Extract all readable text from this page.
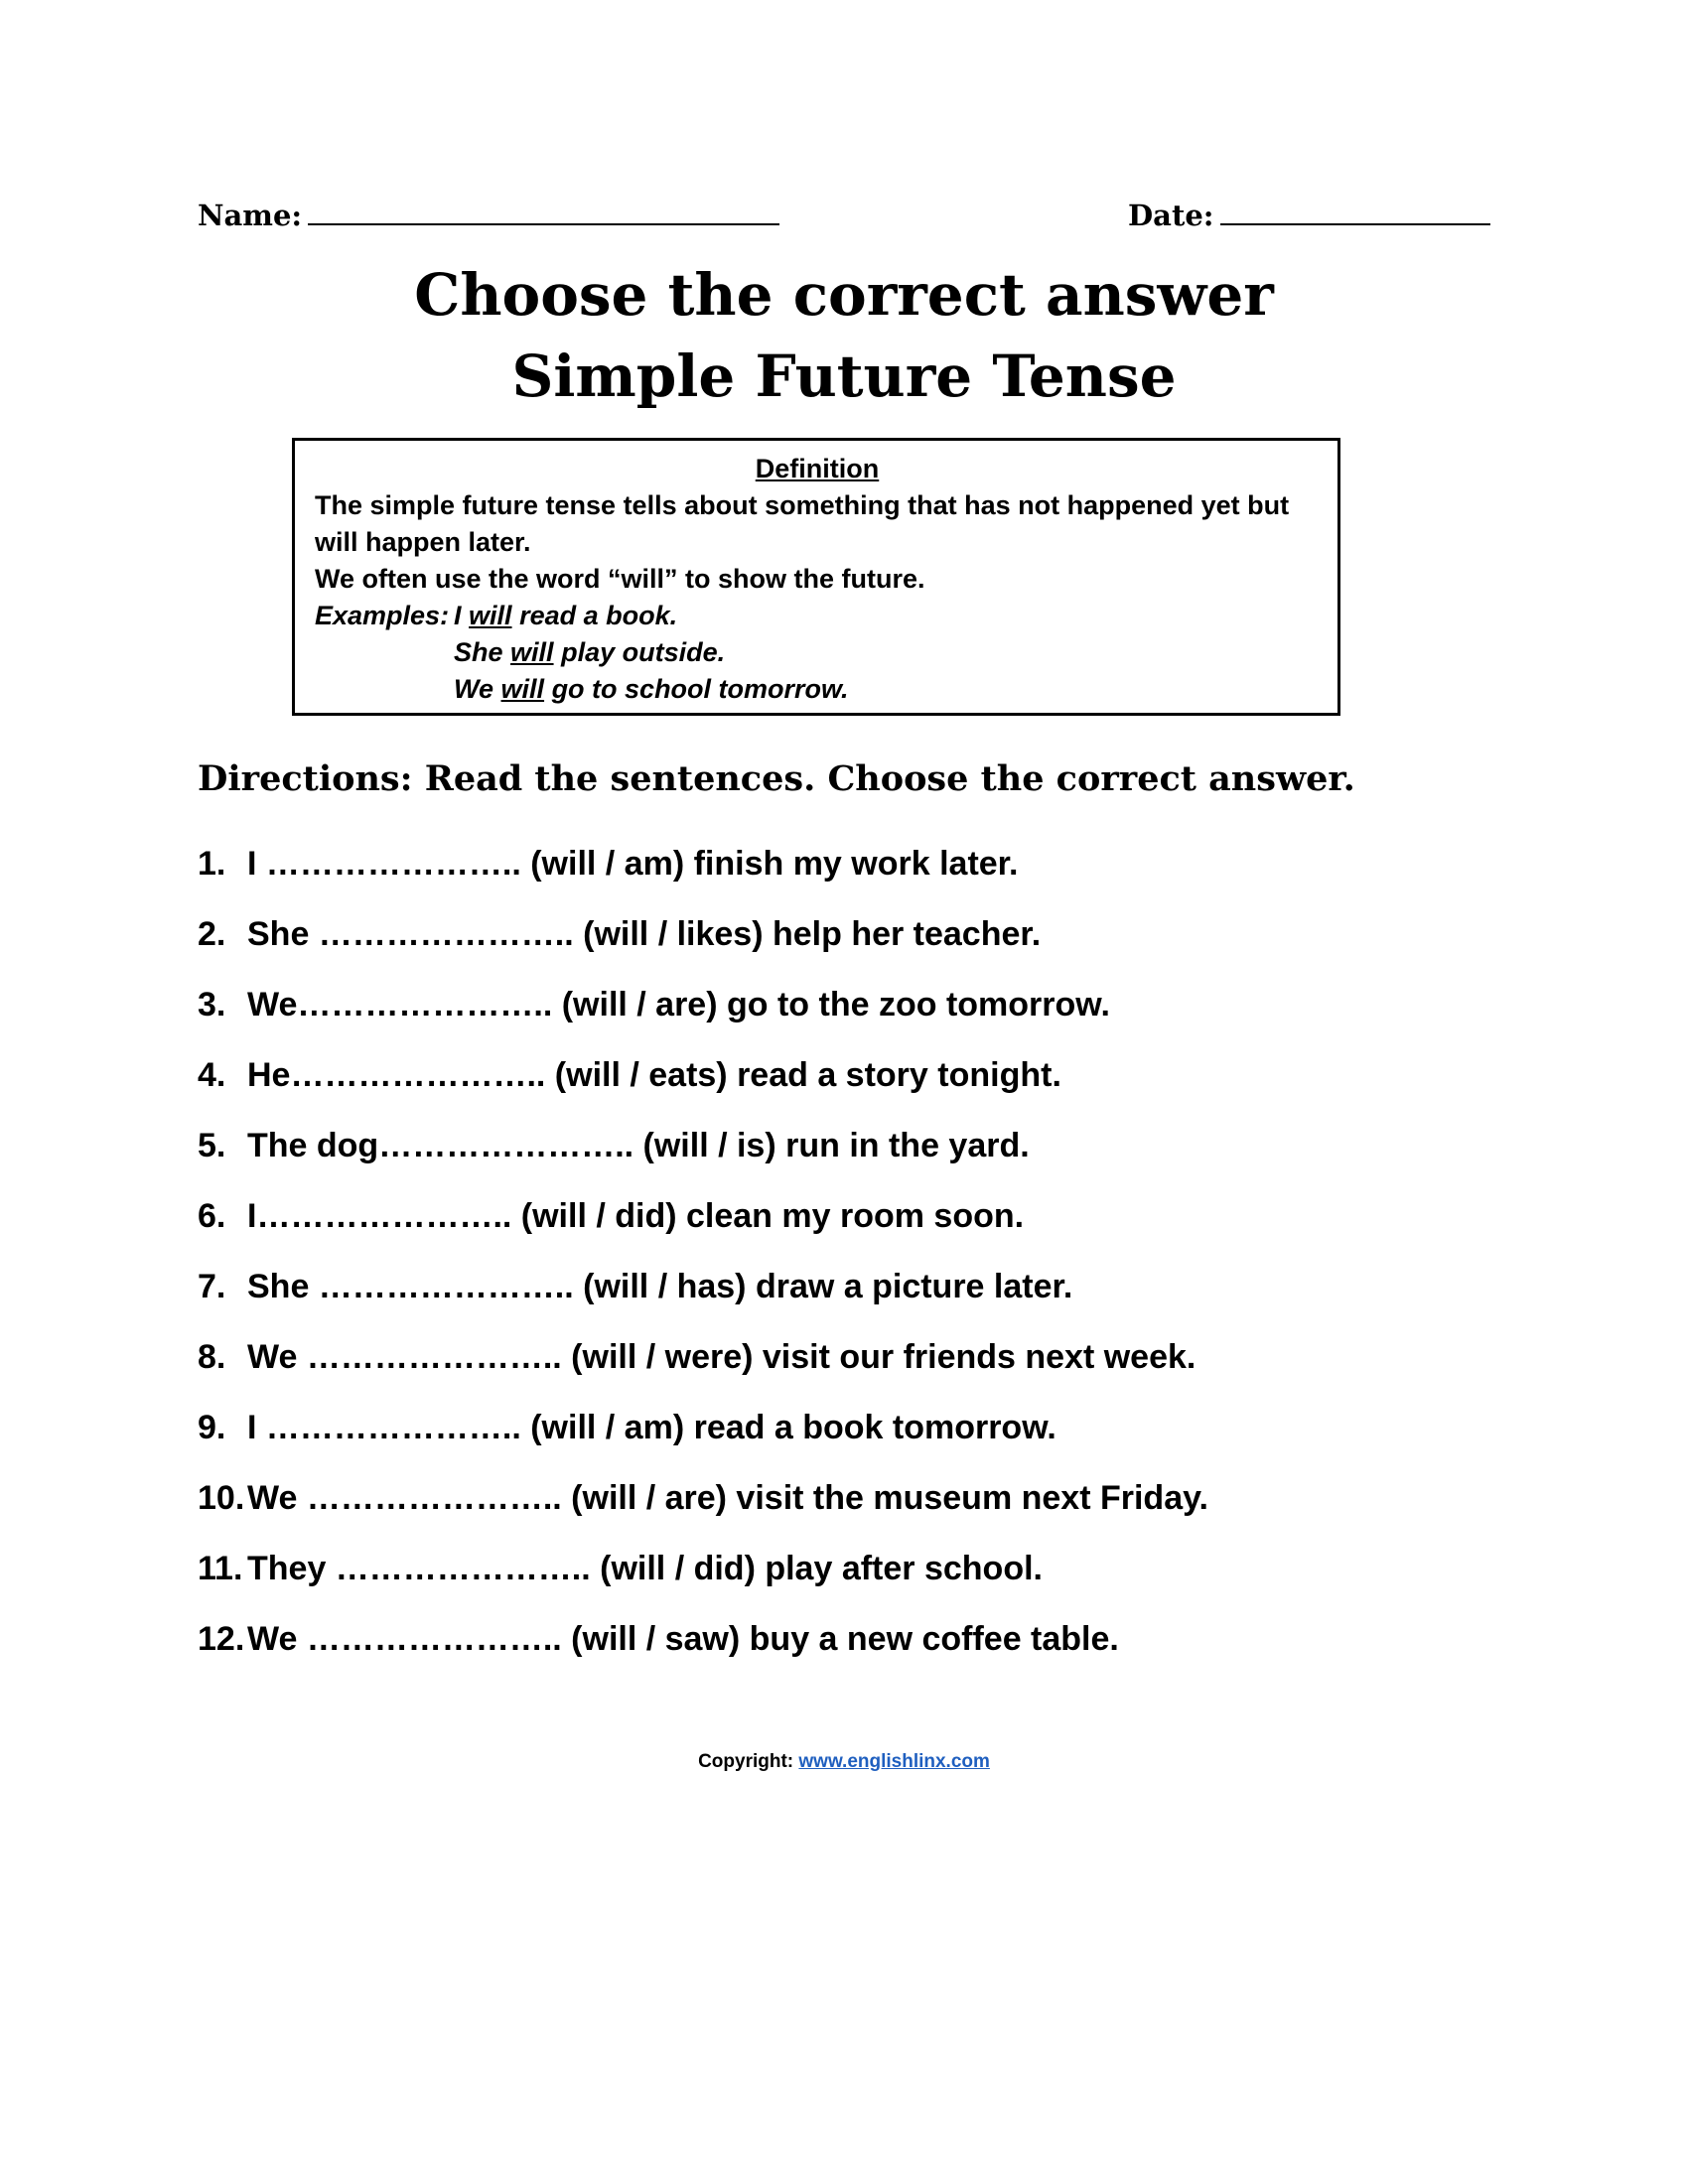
Name:	Date:
Choose the correct answer
Simple Future Tense
Definition

The simple future tense tells about something that has not happened yet but will happen later.

We often use the word “will” to show the future.

Examples: I will read a book.
She will play outside.
We will go to school tomorrow.

Directions: Read the sentences. Choose the correct answer.

1. I ………………….. (will / am) finish my work later.
2. She ………………….. (will / likes) help her teacher.
3. We………………….. (will / are) go to the zoo tomorrow.
4. He………………….. (will / eats) read a story tonight.
5. The dog………………….. (will / is) run in the yard.
6. I………………….. (will / did) clean my room soon.
7. She ………………….. (will / has) draw a picture later.
8. We ………………….. (will / were) visit our friends next week.
9. I ………………….. (will / am) read a book tomorrow.
10.We ………………….. (will / are) visit the museum next Friday.
11. They ………………….. (will / did) play after school.
12.We ………………….. (will / saw) buy a new coffee table.
Copyright: www.englishlinx.com
